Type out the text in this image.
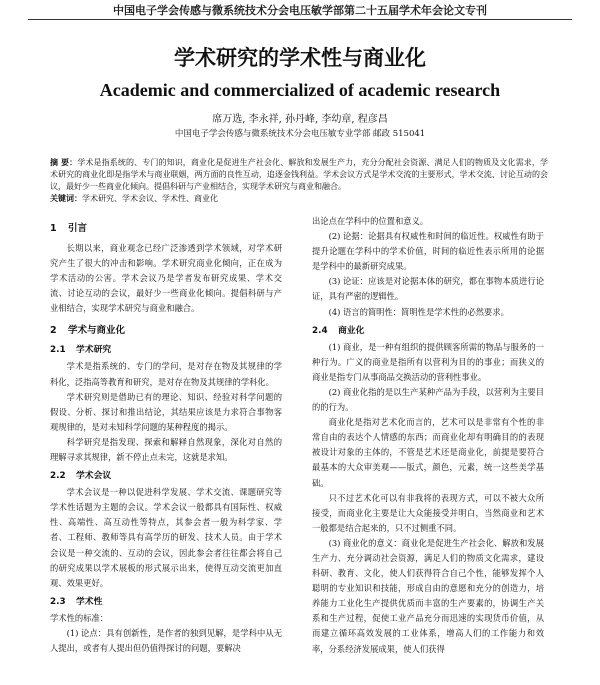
中国电子学会传感与微系统技术分会电压敏学部第二十五届学术年会论文专刊
学术研究的学术性与商业化
Academic and commercialized of academic research
席万选, 李永祥, 孙丹峰, 李幼章, 程彦昌
中国电子学会传感与微系统技术分会电压敏专业学部 邮政 515041
摘 要：学术是指系统的、专门的知识，商业化是促进生产社会化、解放和发展生产力，充分分配社会资源、满足人们的物质及文化需求，学术研究的商业化即是指学术与商业联姻，两方面的良性互动，追逐金钱利益。学术会议方式是学术交流的主要形式，学术交流、讨论互动的会议，最好少一些商业化倾向。提倡科研与产业相结合，实现学术研究与商业和融合。
关键词：学术研究、学术会议、学术性、商业化
1 引言

长期以来，商业观念已经广泛渗透到学术领域，对学术研究产生了很大的冲击和影响。学术研究商业化倾向，正在成为学术活动的公害。学术会议乃是学者发布研究成果、学术交流、讨论互动的会议，最好少一些商业化倾向。提倡科研与产业相结合，实现学术研究与商业和融合。

2 学术与商业化
2.1 学术研究

学术是指系统的、专门的学问，是对存在物及其规律的学科化，泛指高等教育和研究，是对存在物及其规律的学科化。

学术研究则是借助已有的理论、知识、经验对科学问题的假设、分析、探讨和推出结论，其结果应该是力求符合事物客观规律的，是对未知科学问题的某种程度的揭示。

科学研究是指发现、探索和解释自然现象，深化对自然的理解寻求其规律，新不停止点未完，这就是求知。

2.2 学术会议

学术会议是一种以促进科学发展、学术交流、课题研究等学术性话题为主题的会议。学术会议一般都具有国际性、权威性、高端性、高互动性等特点，其参会者一般为科学家、学者、工程师、教师等具有高学历的研发、技术人员。由于学术会议是一种交流的、互动的会议，因此参会者往往都会将自己的研究成果以学术展板的形式展示出来，使得互动交流更加直观、效果更好。

2.3 学术性

学术性的标准：

(1) 论点：具有创新性，是作者的独到见解，是学科中从无人提出，或者有人提出但仍值得探讨的问题，要解决

出论点在学科中的位置和意义。

(2) 论据：论据具有权威性和时间的临近性。权威性有助于提升论题在学科中的学术价值，时间的临近性表示所用的论据是学科中的最新研究成果。

(3) 论证：应该是对论据本体的研究，都在事物本质进行论证，具有严密的逻辑性。

(4) 语言的简明性：简明性是学术性的必然要求。

2.4 商业化

(1) 商业，是一种有组织的提供顾客所需的物品与服务的一种行为。广义的商业是指所有以营利为目的的事业；而狭义的商业是指专门从事商品交换活动的营利性事业。

(2) 商业化指的是以生产某种产品为手段，以营利为主要目的的行为。

商业化是指对艺术化而言的，艺术可以是非常有个性的非常自由的表达个人情感的东西；而商业化却有明确目的的表现被设计对象的主体的，不管是艺术还是商业化，前提是要符合最基本的大众审美观——版式，颜色，元素，统一这些美学基础。

只不过艺术化可以有非我将的表现方式，可以不被大众所接受，而商业化主要是让大众能接受并明白，当然商业和艺术一般都是结合起来的，只不过侧重不同。

(3) 商业化的意义：商业化是促进生产社会化、解放和发展生产力、充分调动社会资源，满足人们的物质文化需求，建设科研、教育、文化，使人们获得符合自己个性，能够发挥个人聪明的专业知识和技能，形成自由的意愿和充分的创造力，培养能力工业化生产提供优质而丰富的生产要素的，协调生产关系和生产过程，促使工业产品充分而迅速的实现货币价值，从而建立循环高效发展的工业体系，增高人们的工作能力和效率，分系经济发展成果，使人们获得
